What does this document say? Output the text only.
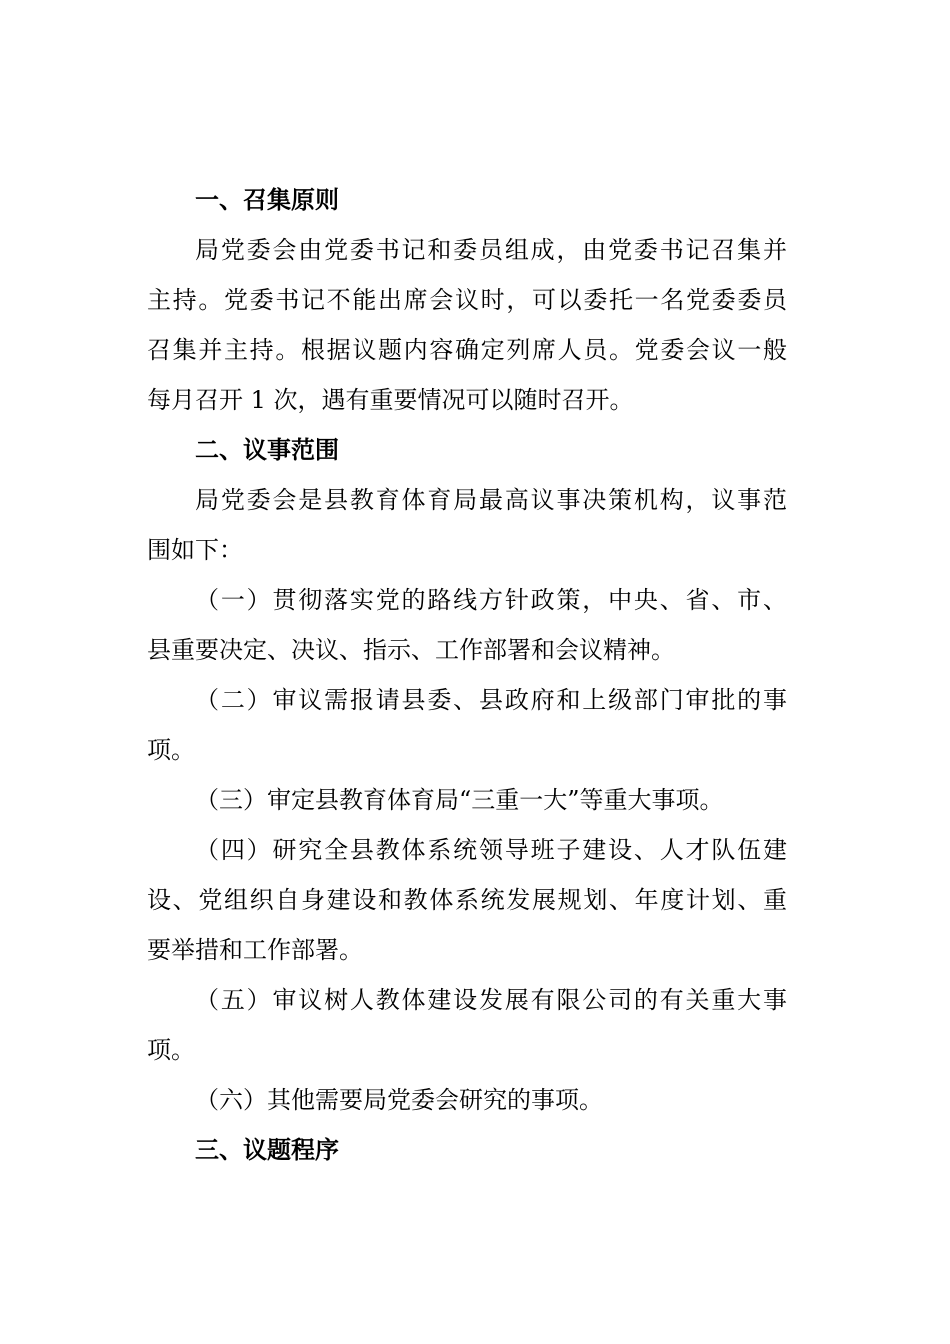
一、召集原则
局党委会由党委书记和委员组成，由党委书记召集并
主持。党委书记不能出席会议时，可以委托一名党委委员
召集并主持。根据议题内容确定列席人员。党委会议一般
每月召开 1 次，遇有重要情况可以随时召开。
二、议事范围
局党委会是县教育体育局最高议事决策机构，议事范
围如下：
（一）贯彻落实党的路线方针政策，中央、省、市、
县重要决定、决议、指示、工作部署和会议精神。
（二）审议需报请县委、县政府和上级部门审批的事
项。
（三）审定县教育体育局“三重一大”等重大事项。
（四）研究全县教体系统领导班子建设、人才队伍建
设、党组织自身建设和教体系统发展规划、年度计划、重
要举措和工作部署。
（五）审议树人教体建设发展有限公司的有关重大事
项。
（六）其他需要局党委会研究的事项。
三、议题程序
